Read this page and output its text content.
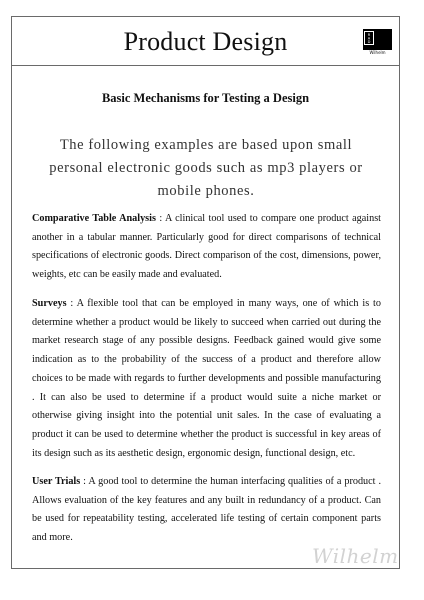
Product Design	R
A
D
Wilhelm
Basic Mechanisms for Testing a Design
The following examples are based upon small personal electronic goods such as mp3 players or mobile phones.
Comparative Table Analysis : A clinical tool used to compare one product against another in a tabular manner. Particularly good for direct comparisons of technical specifications of electronic goods. Direct comparison of the cost, dimensions, power, weights, etc can be easily made and evaluated.
Surveys : A flexible tool that can be employed in many ways, one of which is to determine whether a product would be likely to succeed when carried out during the market research stage of any possible designs. Feedback gained would give some indication as to the probability of the success of a product and therefore allow choices to be made with regards to further developments and possible manufacturing . It can also be used to determine if a product would suite a niche market or otherwise giving insight into the potential unit sales. In the case of evaluating a product it can be used to determine whether the product is successful in key areas of its design such as its aesthetic design, ergonomic design, functional design, etc.
User Trials : A good tool to determine the human interfacing qualities of a product . Allows evaluation of the key features and any built in redundancy of a product. Can be used for repeatability testing, accelerated life testing of certain component parts and more.
Wilhelm
